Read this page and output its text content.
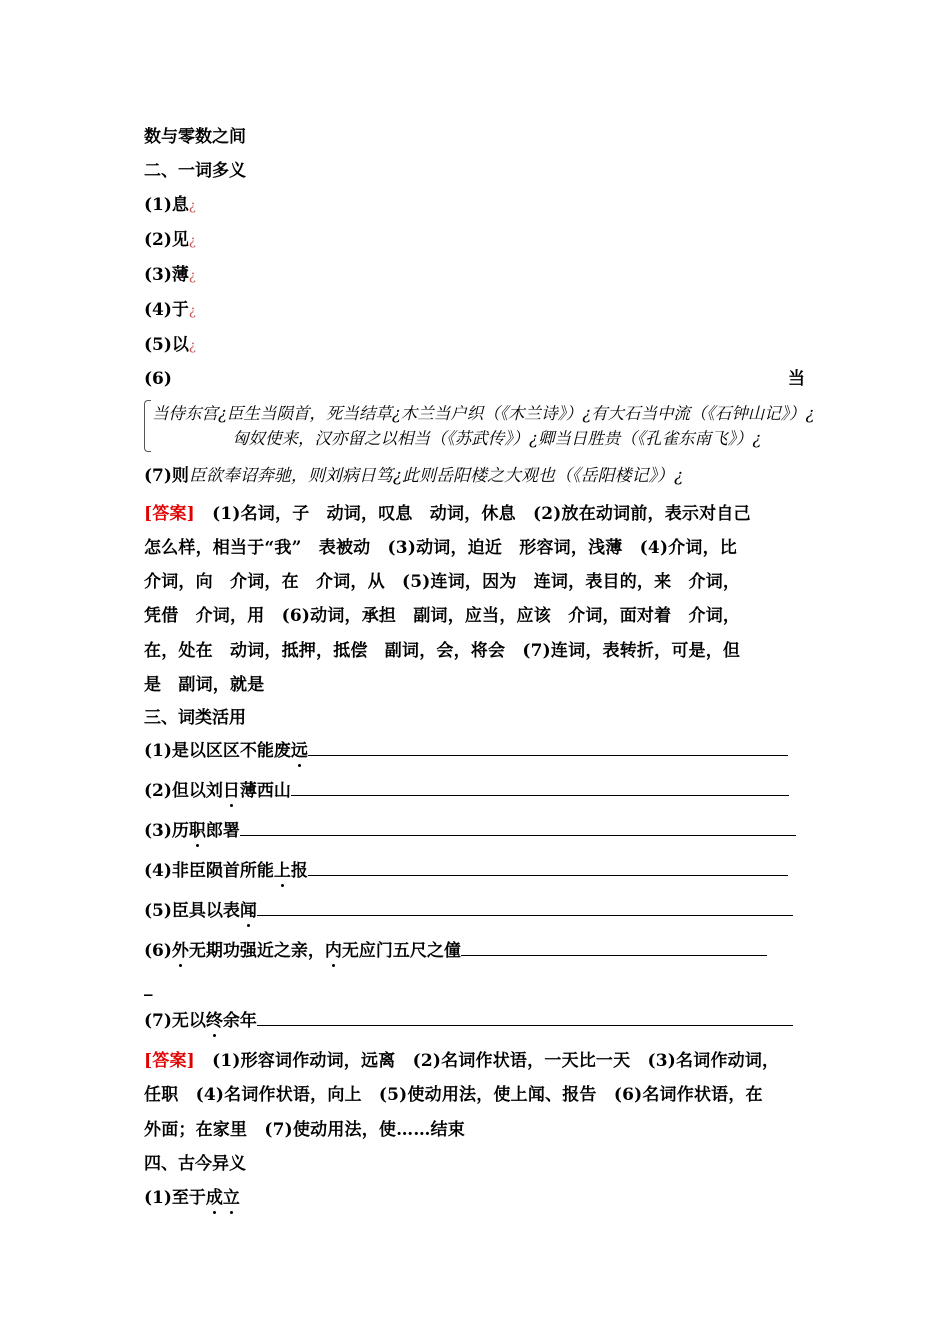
数与零数之间
二、一词多义
(1)息¿
(2)见¿
(3)薄¿
(4)于¿
(5)以¿
(6)	当
当侍东宫¿臣生当陨首，死当结草¿木兰当户织（《木兰诗》）¿有大石当中流（《石钟山记》）¿
匈奴使来，汉亦留之以相当（《苏武传》）¿卿当日胜贵（《孔雀东南飞》）¿
(7)则臣欲奉诏奔驰，则刘病日笃¿此则岳阳楼之大观也（《岳阳楼记》）¿
[答案]　 (1)名词，子　动词，叹息　动词，休息　(2)放在动词前，表示对自己
怎么样，相当于“我”　表被动　(3)动词，迫近　形容词，浅薄　(4)介词，比
介词，向　介词，在　介词，从　(5)连词，因为　连词，表目的，来　介词，
凭借　介词，用　(6)动词，承担　副词，应当，应该　介词，面对着　介词，
在，处在　动词，抵押，抵偿　副词，会，将会　(7)连词，表转折，可是，但
是　副词，就是
三、词类活用
(1)是以区区不能废远
(2)但以刘日薄西山
(3)历职郎署
(4)非臣陨首所能上报
(5)臣具以表闻
(6)外无期功强近之亲，内无应门五尺之僮
_
(7)无以终余年
[答案]　 (1)形容词作动词，远离　(2)名词作状语，一天比一天　(3)名词作动词，
任职　(4)名词作状语，向上　(5)使动用法，使上闻、报告　(6)名词作状语，在
外面；在家里　(7)使动用法，使……结束
四、古今异义
(1)至于成立
